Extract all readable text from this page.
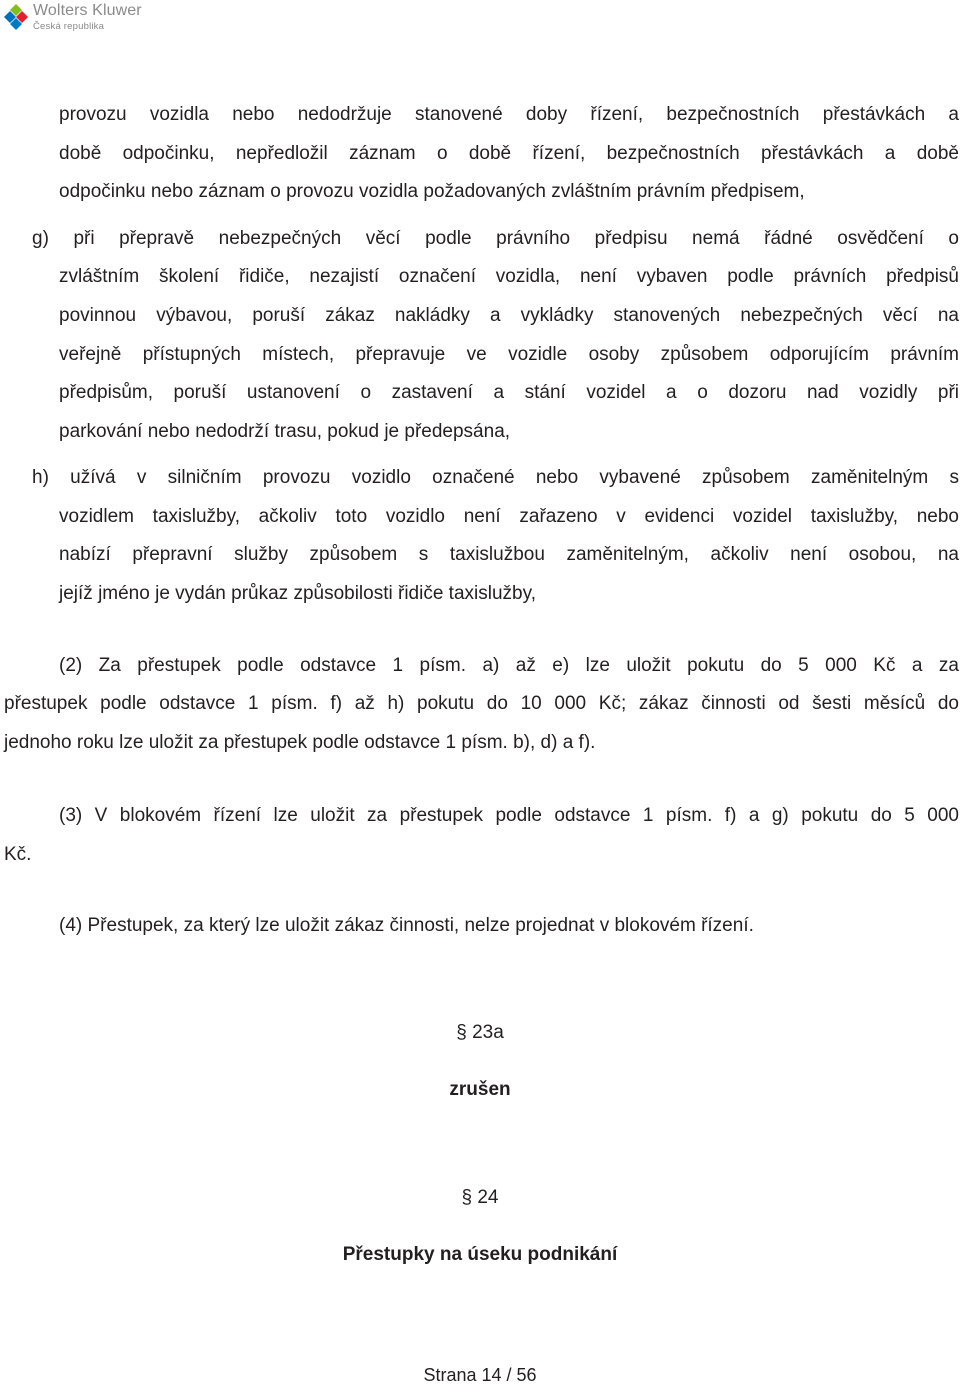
Wolters Kluwer
Česká republika
provozu vozidla nebo nedodržuje stanovené doby řízení, bezpečnostních přestávkách a
době odpočinku, nepředložil záznam o době řízení, bezpečnostních přestávkách a době
odpočinku nebo záznam o provozu vozidla požadovaných zvláštním právním předpisem,
g) při přepravě nebezpečných věcí podle právního předpisu nemá řádné osvědčení o
zvláštním školení řidiče, nezajistí označení vozidla, není vybaven podle právních předpisů
povinnou výbavou, poruší zákaz nakládky a vykládky stanovených nebezpečných věcí na
veřejně přístupných místech, přepravuje ve vozidle osoby způsobem odporujícím právním
předpisům, poruší ustanovení o zastavení a stání vozidel a o dozoru nad vozidly při
parkování nebo nedodrží trasu, pokud je předepsána,
h) užívá v silničním provozu vozidlo označené nebo vybavené způsobem zaměnitelným s
vozidlem taxislužby, ačkoliv toto vozidlo není zařazeno v evidenci vozidel taxislužby, nebo
nabízí přepravní služby způsobem s taxislužbou zaměnitelným, ačkoliv není osobou, na
jejíž jméno je vydán průkaz způsobilosti řidiče taxislužby,
(2) Za přestupek podle odstavce 1 písm. a) až e) lze uložit pokutu do 5 000 Kč a za
přestupek podle odstavce 1 písm. f) až h) pokutu do 10 000 Kč; zákaz činnosti od šesti měsíců do
jednoho roku lze uložit za přestupek podle odstavce 1 písm. b), d) a f).
(3) V blokovém řízení lze uložit za přestupek podle odstavce 1 písm. f) a g) pokutu do 5 000
Kč.
(4) Přestupek, za který lze uložit zákaz činnosti, nelze projednat v blokovém řízení.
§ 23a
zrušen
§ 24
Přestupky na úseku podnikání
Strana 14 / 56
